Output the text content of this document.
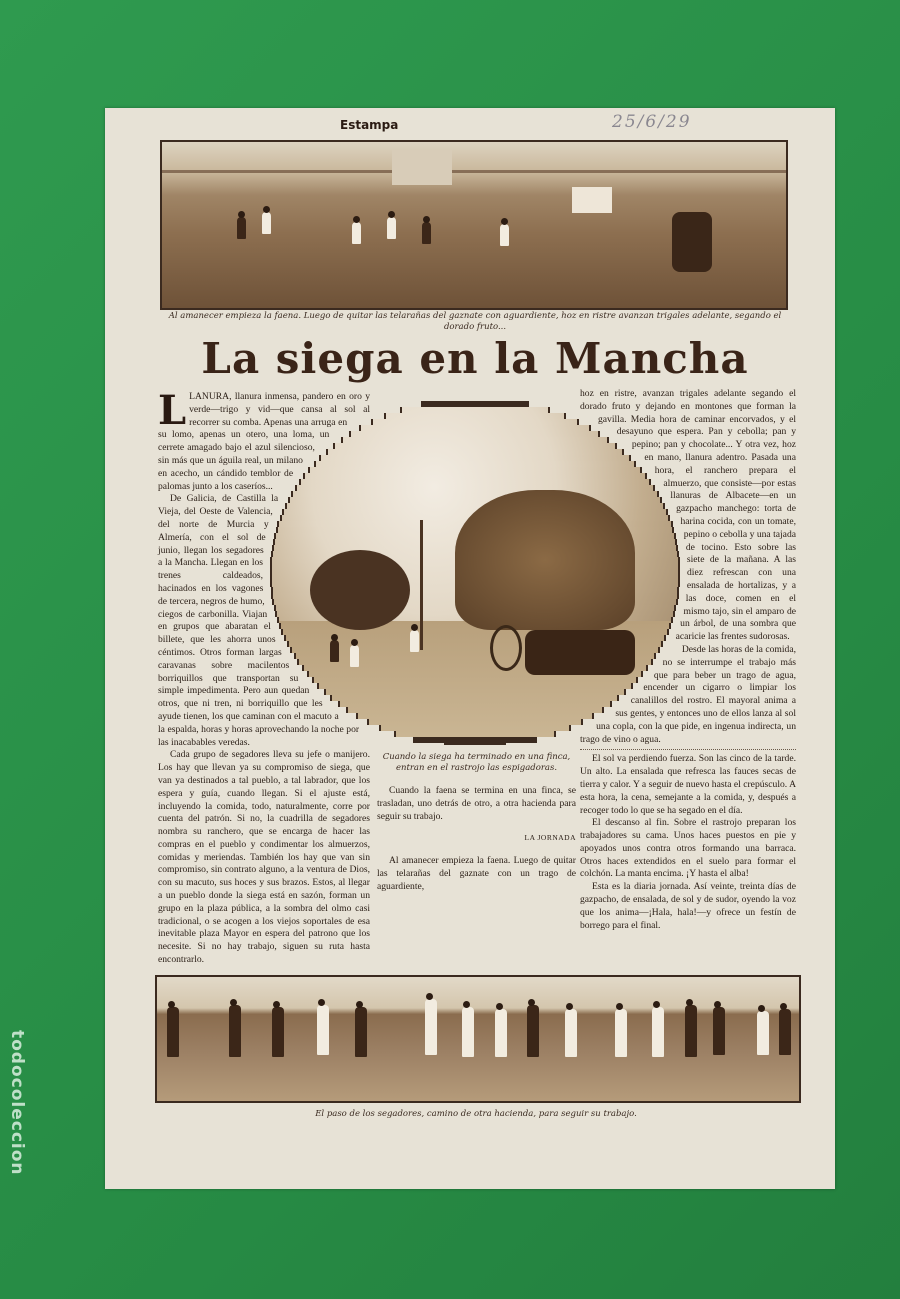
Estampa	25/6/29
Al amanecer empieza la faena. Luego de quitar las telarañas del gaznate con aguardiente, hoz en ristre avanzan trigales adelante, segando el dorado fruto...
La siega en la Mancha
L LANURA, llanura inmensa, pandero en oro y verde—trigo y vid—que cansa al sol al recorrer su comba. Apenas una arruga en su lomo, apenas un otero, una loma, un cerrete amagado bajo el azul silencioso, sin más que un águila real, un milano en acecho, un cándido temblor de palomas junto a los caseríos...

De Galicia, de Castilla la Vieja, del Oeste de Valencia, del norte de Murcia y Almería, con el sol de junio, llegan los segadores a la Mancha. Llegan en los trenes caldeados, hacinados en los vagones de tercera, negros de humo, ciegos de carbonilla. Viajan en grupos que abaratan el billete, que les ahorra unos céntimos. Otros forman largas caravanas sobre macilentos borriquillos que transportan su simple impedimenta. Pero aun quedan otros, que ni tren, ni borriquillo que les ayude tienen, los que caminan con el macuto a la espalda, horas y horas aprovechando la noche por las inacabables veredas.

Cada grupo de segadores lleva su jefe o manijero. Los hay que llevan ya su compromiso de siega, que van ya destinados a tal pueblo, a tal labrador, que los espera y guía, cuando llegan. Si el ajuste está, incluyendo la comida, todo, naturalmente, corre por cuenta del patrón. Si no, la cuadrilla de segadores nombra su ranchero, que se encarga de hacer las compras en el pueblo y condimentar los almuerzos, comidas y meriendas. También los hay que van sin compromiso, sin contrato alguno, a la ventura de Dios, con su macuto, sus hoces y sus brazos. Estos, al llegar a un pueblo donde la siega está en sazón, forman un grupo en la plaza pública, a la sombra del olmo casi tradicional, o se acogen a los viejos soportales de esa inevitable plaza Mayor en espera del patrono que los necesite. Si no hay trabajo, siguen su ruta hasta encontrarlo.

Cuando la siega ha terminado en una finca, entran en el rastrojo las espigadoras.

Cuando la faena se termina en una finca, se trasladan, uno detrás de otro, a otra hacienda para seguir su trabajo.

LA JORNADA

Al amanecer empieza la faena. Luego de quitar las telarañas del gaznate con un trago de aguardiente,

hoz en ristre, avanzan trigales adelante segando el dorado fruto y dejando en montones que forman la gavilla. Media hora de caminar encorvados, y el desayuno que espera. Pan y cebolla; pan y pepino; pan y chocolate... Y otra vez, hoz en mano, llanura adentro. Pasada una hora, el ranchero prepara el almuerzo, que consiste—por estas llanuras de Albacete—en un gazpacho manchego: torta de harina cocida, con un tomate, pepino o cebolla y una tajada de tocino. Esto sobre las siete de la mañana. A las diez refrescan con una ensalada de hortalizas, y a las doce, comen en el mismo tajo, sin el amparo de un árbol, de una sombra que acaricie las frentes sudorosas.

Desde las horas de la comida, no se interrumpe el trabajo más que para beber un trago de agua, encender un cigarro o limpiar los canalillos del rostro. El mayoral anima a sus gentes, y entonces uno de ellos lanza al sol una copla, con la que pide, en ingenua indirecta, un trago de vino o agua.

El sol va perdiendo fuerza. Son las cinco de la tarde. Un alto. La ensalada que refresca las fauces secas de tierra y calor. Y a seguir de nuevo hasta el crepúsculo. A esta hora, la cena, semejante a la comida, y, después a recoger todo lo que se ha segado en el día.

El descanso al fin. Sobre el rastrojo preparan los trabajadores su cama. Unos haces puestos en pie y apoyados unos contra otros formando una barraca. Otros haces extendidos en el suelo para formar el colchón. La manta encima. ¡Y hasta el alba!

Esta es la diaria jornada. Así veinte, treinta días de gazpacho, de ensalada, de sol y de sudor, oyendo la voz que los anima—¡Hala, hala!—y ofrece un festín de borrego para el final.

El paso de los segadores, camino de otra hacienda, para seguir su trabajo.
todocoleccion
